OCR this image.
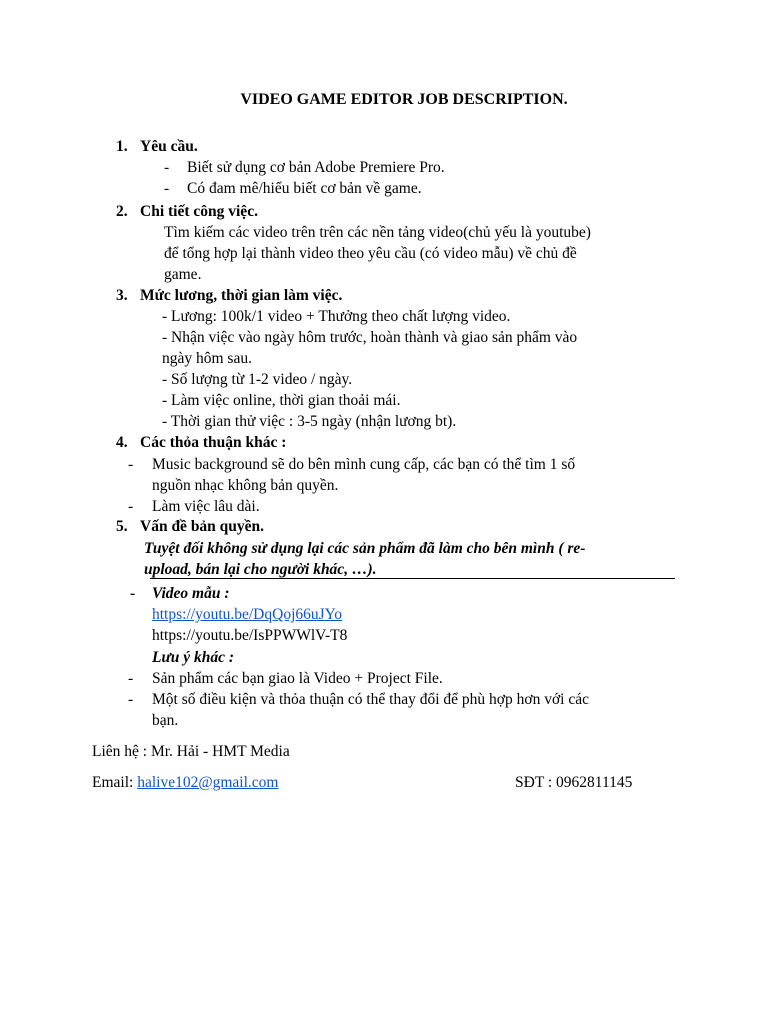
VIDEO GAME EDITOR JOB DESCRIPTION.
1. Yêu cầu.
- Biết sử dụng cơ bản Adobe Premiere Pro.
- Có đam mê/hiểu biết cơ bản về game.
2. Chi tiết công việc.
Tìm kiếm các video trên trên các nền tảng video(chủ yếu là youtube)
để tổng hợp lại thành video theo yêu cầu (có video mẫu) về chủ đề
game.
3. Mức lương, thời gian làm việc.
- Lương: 100k/1 video + Thưởng theo chất lượng video.
- Nhận việc vào ngày hôm trước, hoàn thành và giao sản phẩm vào
ngày hôm sau.
- Số lượng từ 1-2 video / ngày.
- Làm việc online, thời gian thoải mái.
- Thời gian thử việc : 3-5 ngày (nhận lương bt).
4. Các thỏa thuận khác :
- Music background sẽ do bên mình cung cấp, các bạn có thể tìm 1 số
nguồn nhạc không bản quyền.
- Làm việc lâu dài.
5. Vấn đề bản quyền.
Tuyệt đối không sử dụng lại các sản phẩm đã làm cho bên mình ( re-
upload, bán lại cho người khác, …).
- Video mẫu :
https://youtu.be/DqQoj66uJYo
https://youtu.be/IsPPWWlV-T8
Lưu ý khác :
- Sản phẩm các bạn giao là Video + Project File.
- Một số điều kiện và thỏa thuận có thể thay đổi để phù hợp hơn với các
bạn.
Liên hệ : Mr. Hải - HMT Media
Email: halive102@gmail.com	SĐT : 0962811145
